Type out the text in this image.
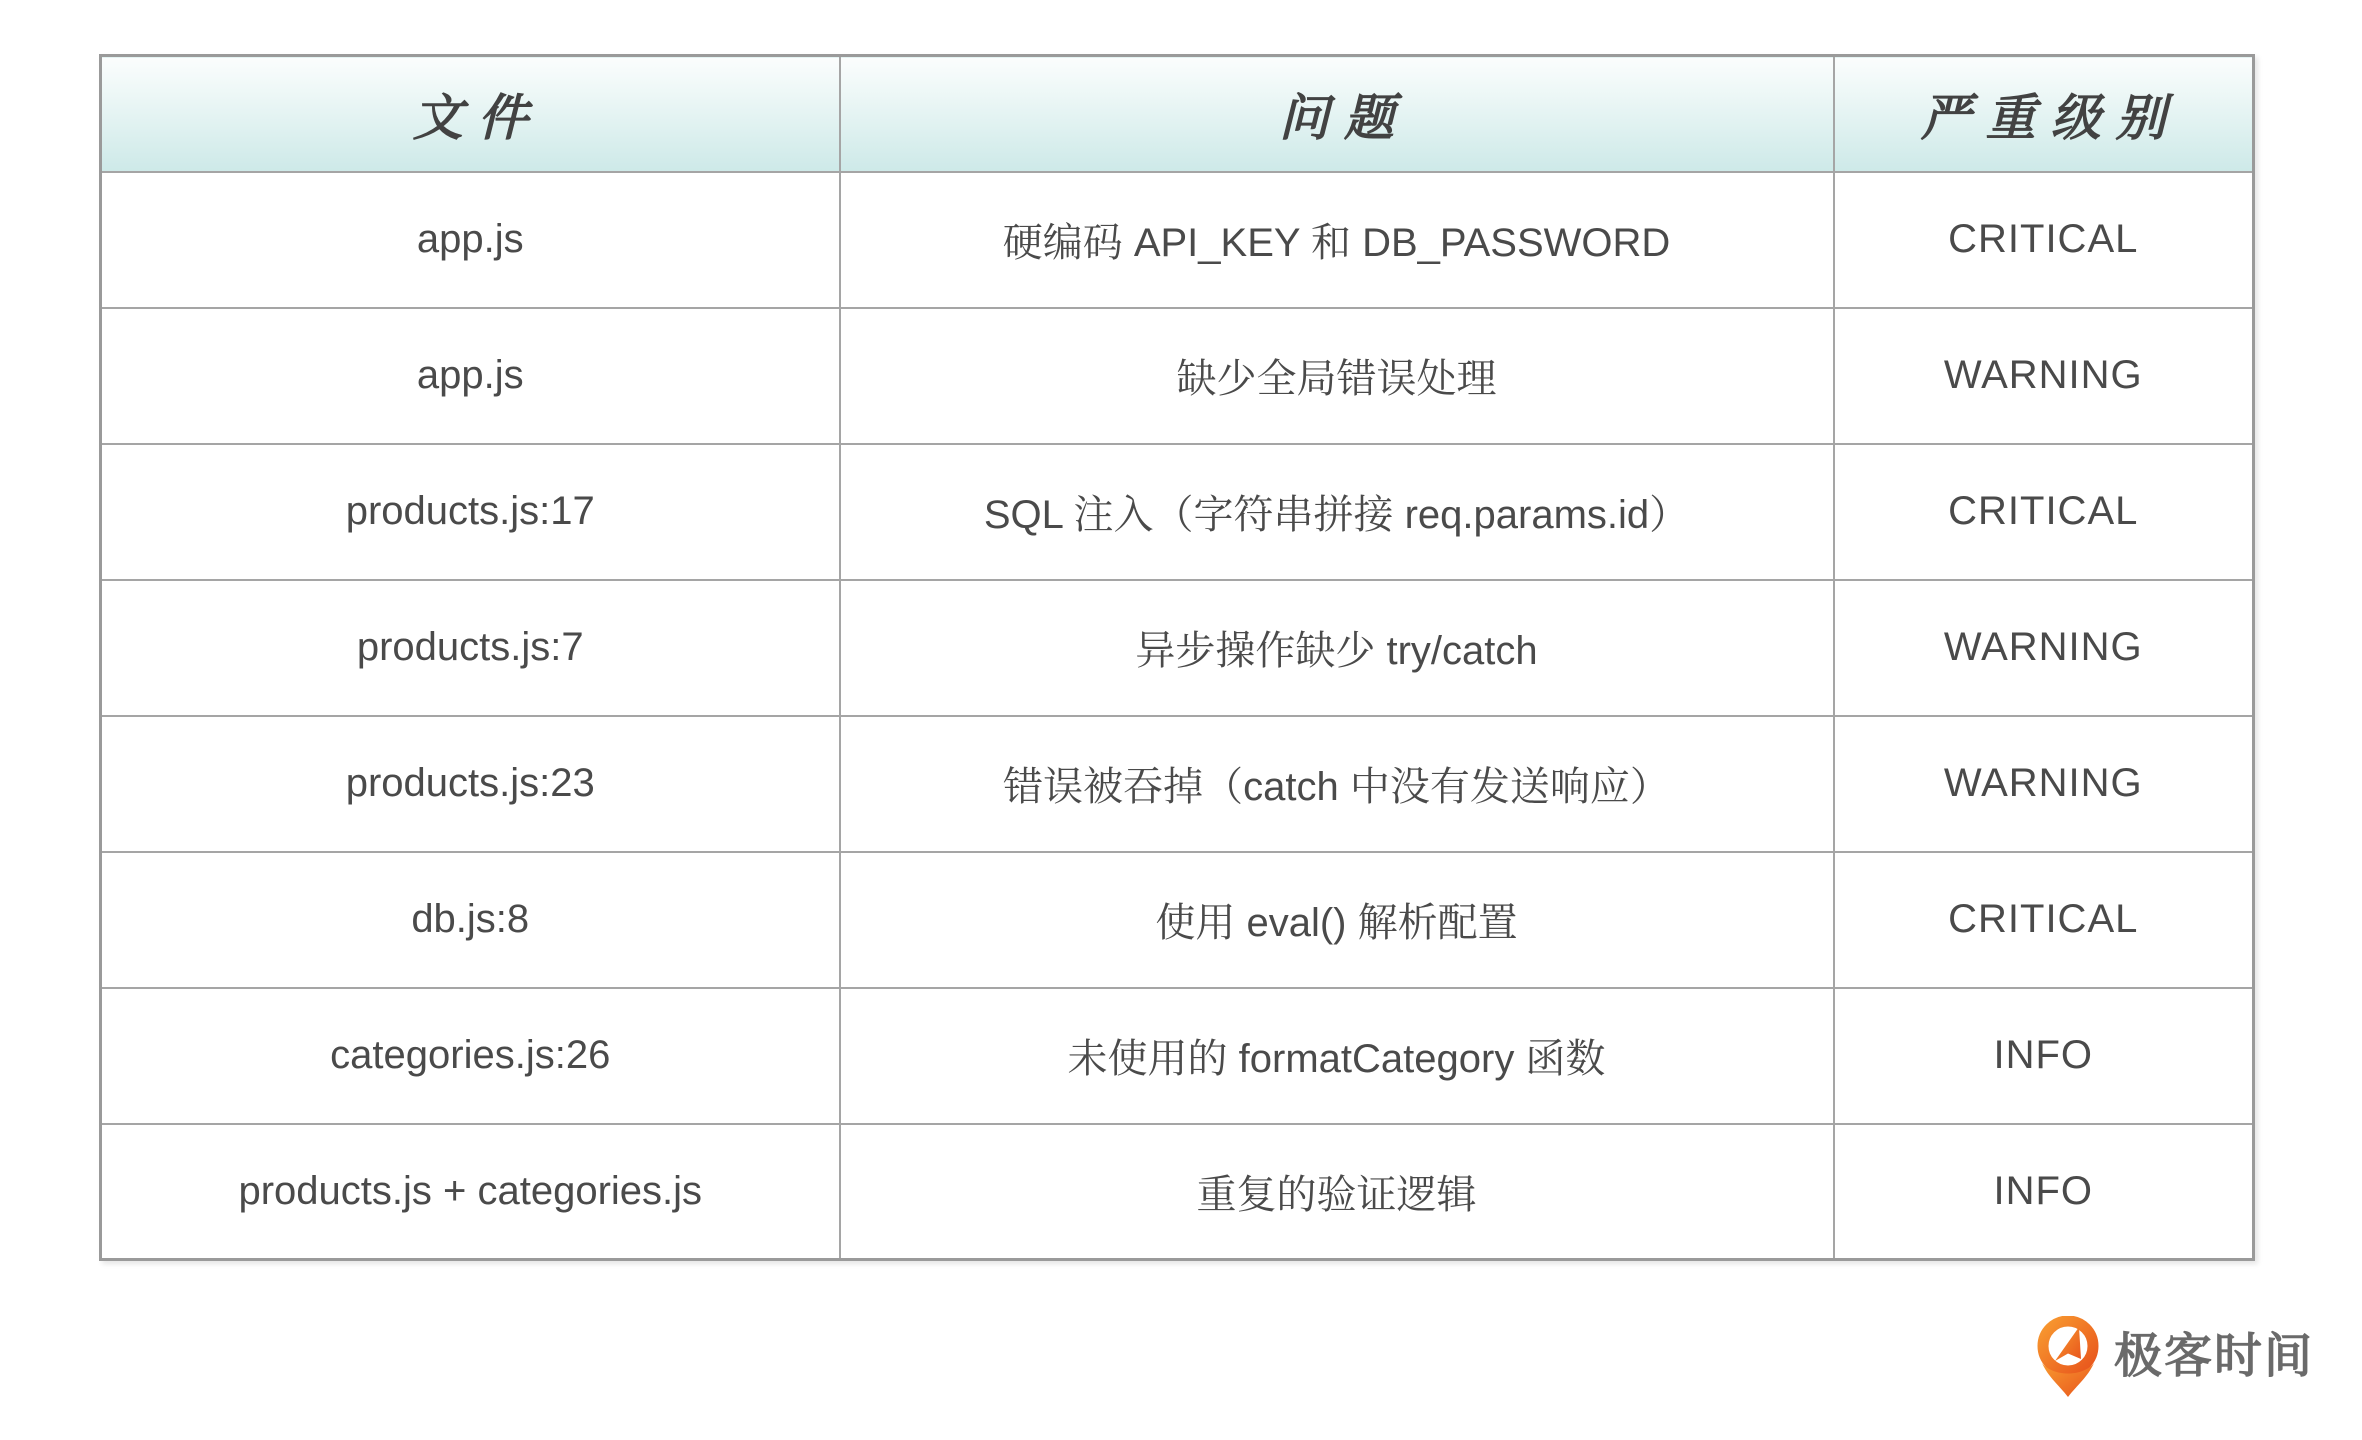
文件	问题	严重级别
app.js	硬编码 API_KEY 和 DB_PASSWORD	CRITICAL
app.js	缺少全局错误处理	WARNING
products.js:17	SQL 注入（字符串拼接 req.params.id）	CRITICAL
products.js:7	异步操作缺少 try/catch	WARNING
products.js:23	错误被吞掉（catch 中没有发送响应）	WARNING
db.js:8	使用 eval() 解析配置	CRITICAL
categories.js:26	未使用的 formatCategory 函数	INFO
products.js + categories.js	重复的验证逻辑	INFO
极客时间
